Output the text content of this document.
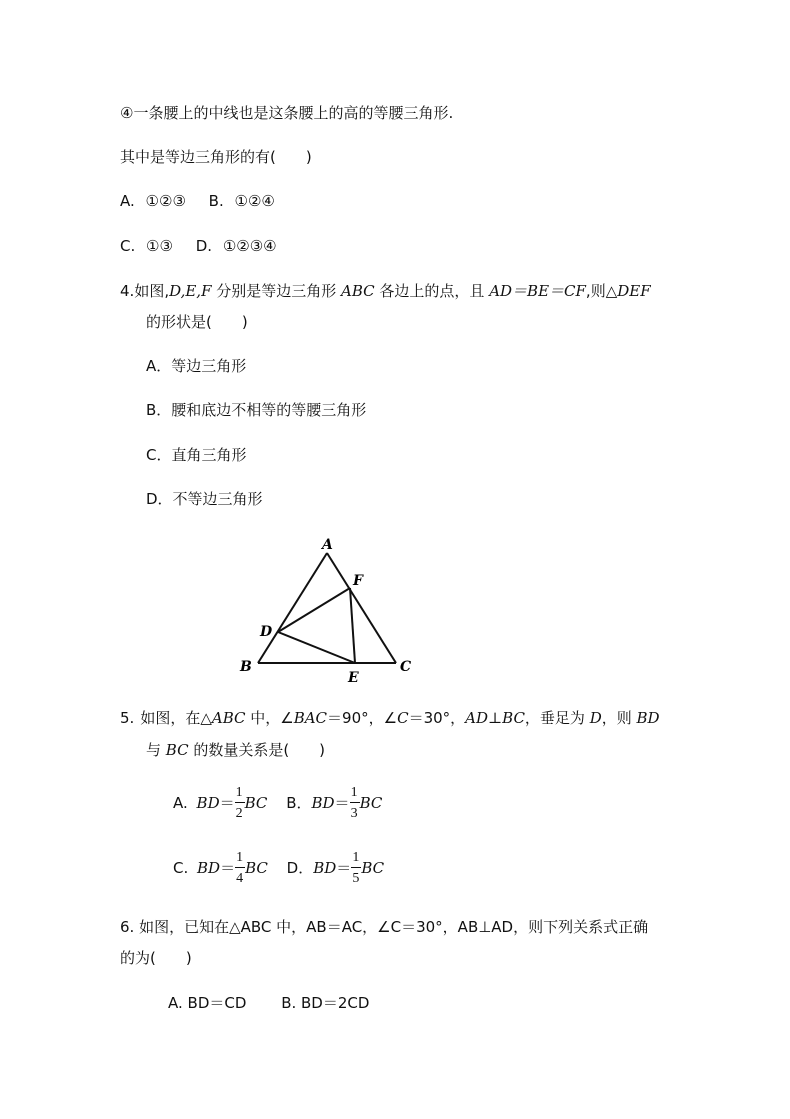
④一条腰上的中线也是这条腰上的高的等腰三角形.
其中是等边三角形的有(　　)
A. ①②③ B. ①②④
C. ①③ D. ①②③④
4.如图,D,E,F 分别是等边三角形 ABC 各边上的点，且 AD＝BE＝CF,则△DEF
的形状是(　　)
A．等边三角形
B．腰和底边不相等的等腰三角形
C．直角三角形
D．不等边三角形
A
B	C
D
E
F
5. 如图，在△ABC 中，∠BAC＝90°，∠C＝30°，AD⊥BC，垂足为 D，则 BD
与 BC 的数量关系是(　　)
A. $BD= \frac{1}{2}$ BC B．$BD= \frac{1}{3}$ BC
C. $BD= \frac{1}{4}$ BC D．$BD= \frac{1}{5}$ BC
6. 如图，已知在△ABC 中，AB＝AC，∠C＝30°，AB⊥AD，则下列关系式正确
的为(　　)
A. BD＝CD B. BD＝2CD
